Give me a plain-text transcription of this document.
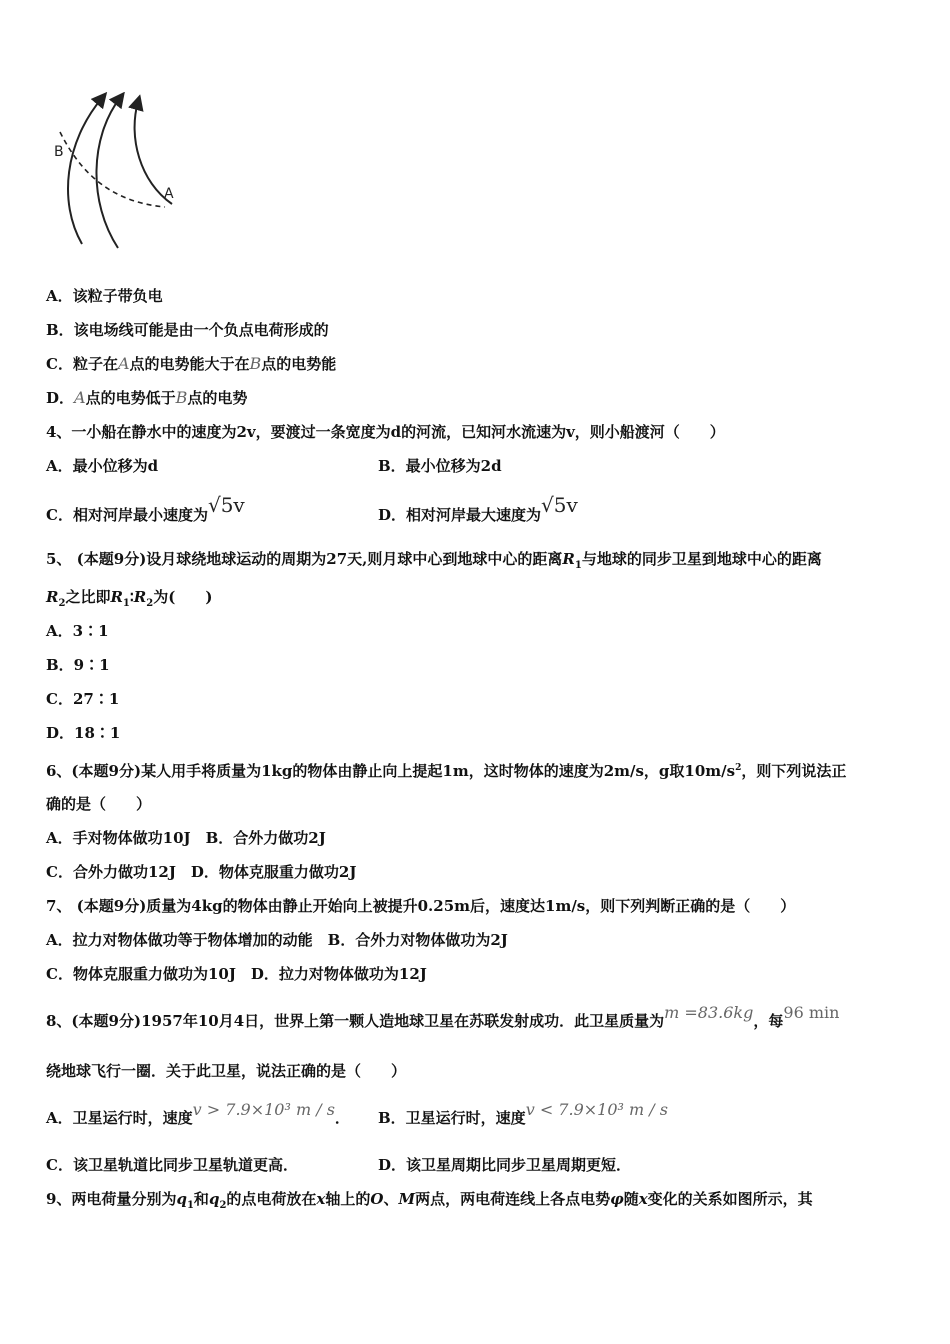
B
A
A．该粒子带负电
B．该电场线可能是由一个负点电荷形成的
C．粒子在A点的电势能大于在B点的电势能
D．A点的电势低于B点的电势
4、一小船在静水中的速度为2v，要渡过一条宽度为d的河流，已知河水流速为v，则小船渡河（　　）
A．最小位移为d	B．最小位移为2d
C．相对河岸最小速度为√5v	D．相对河岸最大速度为√5v
5、 (本题9分)设月球绕地球运动的周期为27天,则月球中心到地球中心的距离$R_1$与地球的同步卫星到地球中心的距离
$R_2$之比即$R_1∶R_2$为(　　)
A．3∶1
B．9∶1
C．27∶1
D．18∶1
6、(本题9分)某人用手将质量为1kg的物体由静止向上提起1m，这时物体的速度为2m/s，g取$10m/s^2$，则下列说法正
确的是（　　）
A．手对物体做功10J　B．合外力做功2J
C．合外力做功12J　D．物体克服重力做功2J
7、 (本题9分)质量为4kg的物体由静止开始向上被提升0.25m后，速度达1m/s，则下列判断正确的是（　　）
A．拉力对物体做功等于物体增加的动能　B．合外力对物体做功为2J
C．物体克服重力做功为10J　D．拉力对物体做功为12J
8、(本题9分)1957年10月4日，世界上第一颗人造地球卫星在苏联发射成功．此卫星质量为m =83.6kg，每96 min
绕地球飞行一圈．关于此卫星，说法正确的是（　　）
A．卫星运行时，速度v > 7.9×10³ m / s． B．卫星运行时，速度v < 7.9×10³ m / s
C．该卫星轨道比同步卫星轨道更高．	D．该卫星周期比同步卫星周期更短．
9、两电荷量分别为$q_1$和$q_2$的点电荷放在x轴上的O、M两点，两电荷连线上各点电势φ随x变化的关系如图所示，其
